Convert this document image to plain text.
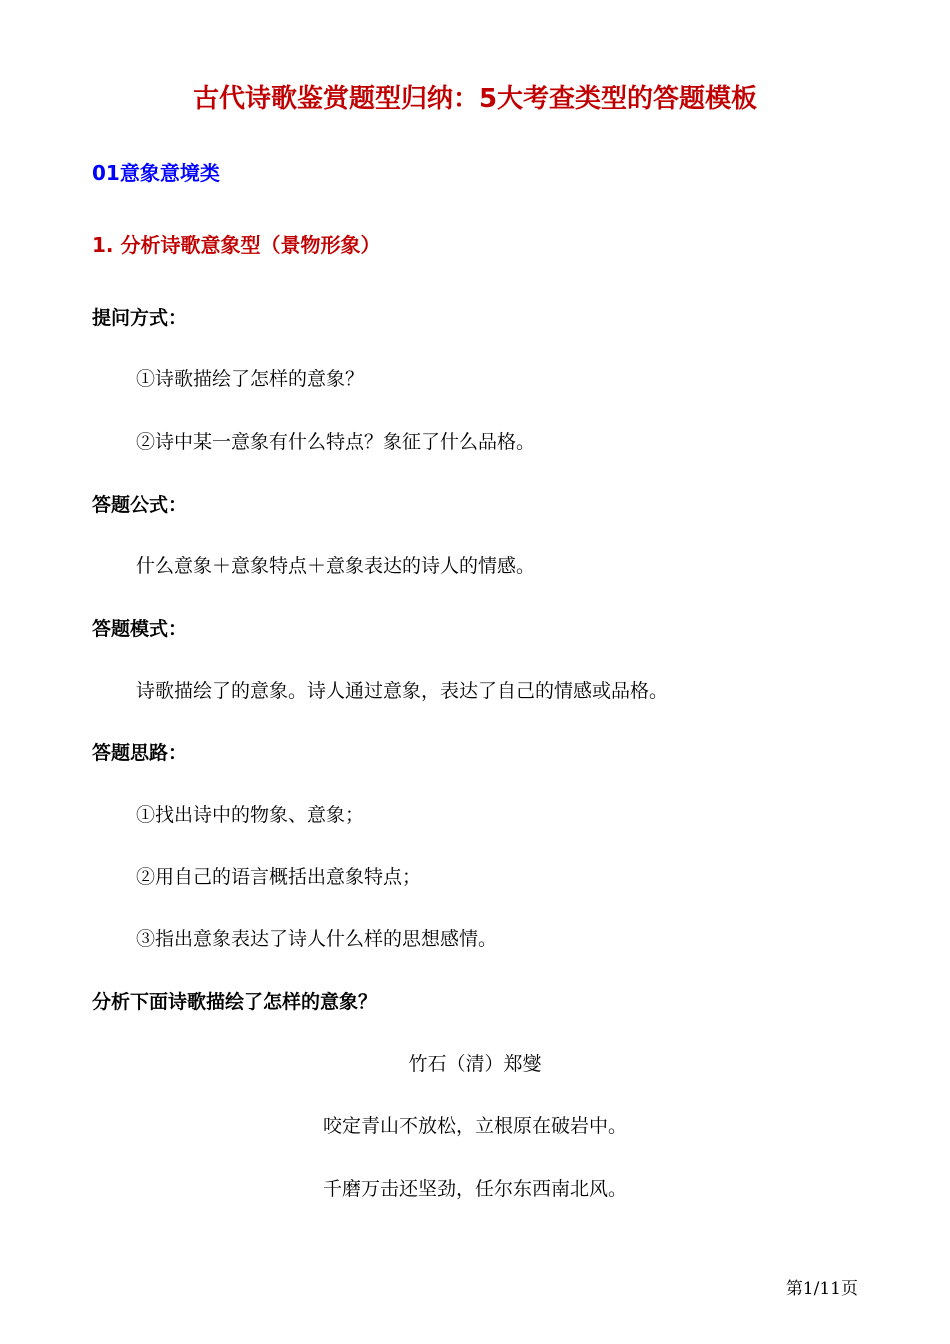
古代诗歌鉴赏题型归纳：5大考查类型的答题模板
01意象意境类
1. 分析诗歌意象型（景物形象）
提问方式：
①诗歌描绘了怎样的意象？
②诗中某一意象有什么特点？象征了什么品格。
答题公式：
什么意象＋意象特点＋意象表达的诗人的情感。
答题模式：
诗歌描绘了的意象。诗人通过意象，表达了自己的情感或品格。
答题思路：
①找出诗中的物象、意象；
②用自己的语言概括出意象特点；
③指出意象表达了诗人什么样的思想感情。
分析下面诗歌描绘了怎样的意象？
竹石（清）郑燮
咬定青山不放松，立根原在破岩中。
千磨万击还坚劲，任尔东西南北风。
第1/11页
